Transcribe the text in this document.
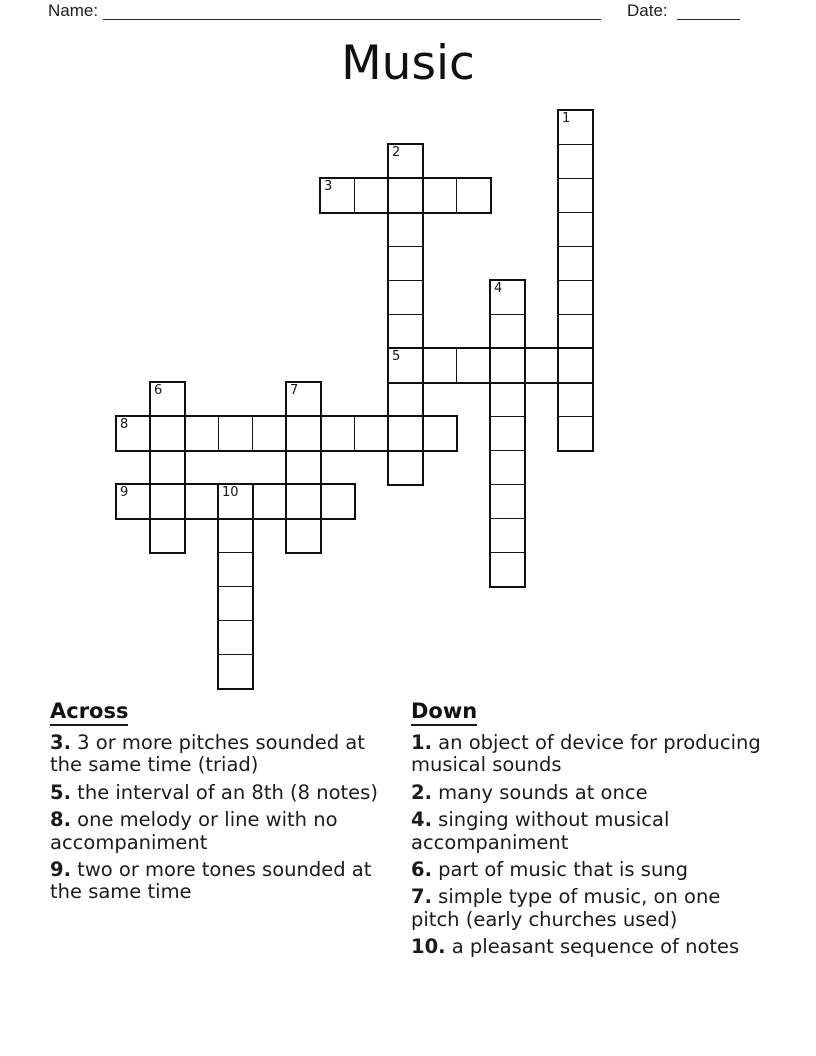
Name:	Date:
Music
1
2
5
3
4
6	7
8
9	10
Across

3. 3 or more pitches sounded at the same time (triad)

5. the interval of an 8th (8 notes)

8. one melody or line with no accompaniment

9. two or more tones sounded at the same time

Down

1. an object of device for producing musical sounds

2. many sounds at once

4. singing without musical accompaniment

6. part of music that is sung

7. simple type of music, on one pitch (early churches used)

10. a pleasant sequence of notes
